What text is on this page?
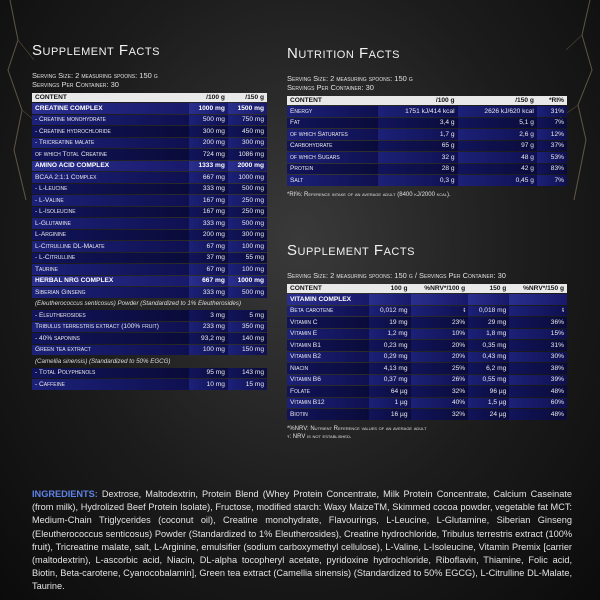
Supplement Facts
Serving Size: 2 measuring spoons: 150 g
Servings Per Container: 30
CONTENT	/100 g	/150 g
CREATINE COMPLEX	1000 mg	1500 mg
- Creatine monohydrate	500 mg	750 mg
- Creatine hydrochloride	300 mg	450 mg
- Tricreatine malate	200 mg	300 mg
of which Total Creatine	724 mg	1086 mg
AMINO ACID COMPLEX	1333 mg	2000 mg
BCAA 2:1:1 Complex	667 mg	1000 mg
- L-Leucine	333 mg	500 mg
- L-Valine	167 mg	250 mg
- L-Isoleucine	167 mg	250 mg
L-Glutamine	333 mg	500 mg
L-Arginine	200 mg	300 mg
L-Citrulline DL-Malate	67 mg	100 mg
- L-Citrulline	37 mg	55 mg
Taurine	67 mg	100 mg
HERBAL NRG COMPLEX	667 mg	1000 mg
Siberian Ginseng	333 mg	500 mg
(Eleutherococcus senticosus) Powder (Standardized to 1% Eleutherosides)		
- Eleutherosides	3 mg	5 mg
Tribulus terrestris extract (100% fruit)	233 mg	350 mg
- 40% saponins	93,2 mg	140 mg
Green tea extract	100 mg	150 mg
(Camellia sinensis) (Standardized to 50% EGCG)		
- Total Polyphenols	95 mg	143 mg
- Caffeine	10 mg	15 mg
Nutrition Facts
Serving Size: 2 measuring spoons: 150 g
Servings Per Container: 30
CONTENT	/100 g	/150 g	*RI%
Energy	1751 kJ/414 kcal	2626 kJ/620 kcal	31%
Fat	3,4 g	5,1 g	7%
of which Saturates	1,7 g	2,6 g	12%
Carbohydrate	65 g	97 g	37%
of which Sugars	32 g	48 g	53%
Protein	28 g	42 g	83%
Salt	0,3 g	0,45 g	7%
*RI%: Reference intake of an average adult (8400 kJ/2000 kcal).
Supplement Facts
Serving Size: 2 measuring spoons: 150 g / Servings Per Container: 30
CONTENT	100 g	%NRV*/100 g	150 g	%NRV*/150 g
VITAMIN COMPLEX				
Beta carotene	0,012 mg	ŧ	0,018 mg	ŧ
Vitamin C	19 mg	23%	29 mg	36%
Vitamin E	1,2 mg	10%	1,8 mg	15%
Vitamin B1	0,23 mg	20%	0,35 mg	31%
Vitamin B2	0,29 mg	20%	0,43 mg	30%
Niacin	4,13 mg	25%	6,2 mg	38%
Vitamin B6	0,37 mg	26%	0,55 mg	39%
Folate	64 µg	32%	96 µg	48%
Vitamin B12	1 µg	40%	1,5 µg	60%
Biotin	16 µg	32%	24 µg	48%
*%NRV: Nutrient Reference values of an average adult
ŧ: NRV is not established.
INGREDIENTS: Dextrose, Maltodextrin, Protein Blend (Whey Protein Concentrate, Milk Protein Concentrate, Calcium Caseinate (from milk), Hydrolized Beef Protein Isolate), Fructose, modified starch: Waxy MaizeTM, Skimmed cocoa powder, vegetable fat MCT: Medium-Chain Triglycerides (coconut oil), Creatine monohydrate, Flavourings, L-Leucine, L-Glutamine, Siberian Ginseng (Eleutherococcus senticosus) Powder (Standardized to 1% Eleutherosides), Creatine hydrochloride, Tribulus terrestris extract (100% fruit), Tricreatine malate, salt, L-Arginine, emulsifier (sodium carboxymethyl cellulose), L-Valine, L-Isoleucine, Vitamin Premix [carrier (maltodextrin), L-ascorbic acid, Niacin, DL-alpha tocopheryl acetate, pyridoxine hydrochloride, Riboflavin, Thiamine, Folic acid, Biotin, Beta-carotene, Cyanocobalamin], Green tea extract (Camellia sinensis) (Standardized to 50% EGCG), L-Citrulline DL-Malate, Taurine.
